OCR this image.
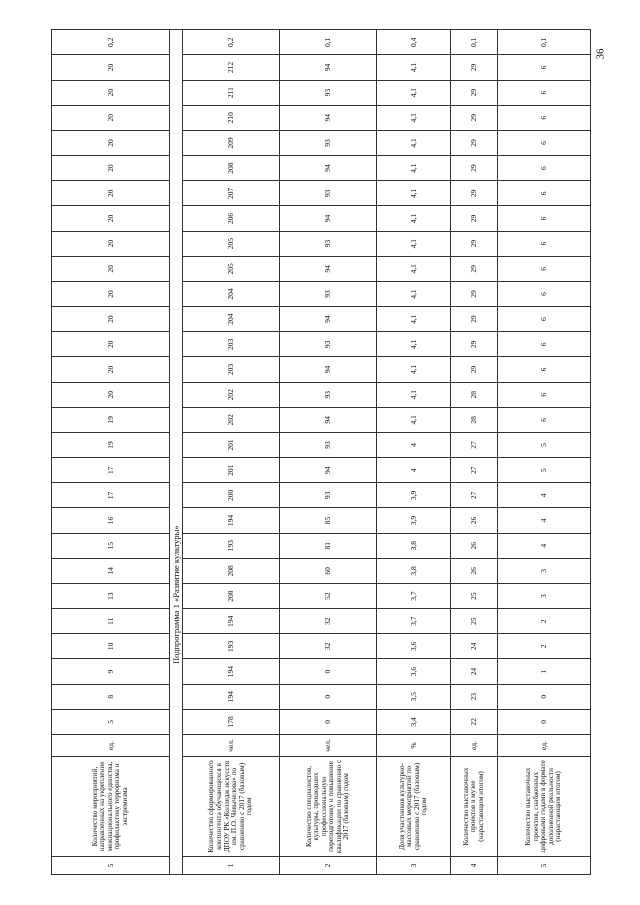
36
5	Количество мероприятий, направленных на укрепление межнационального единства, профилактику терроризма и экстремизма	ед.	5	8	9	10	11	13	14	15	16	17	17	19	19	20	20	20	20	20	20	20	20	20	20	20	20	20	20	0,2
Подпрограмма 1 «Развитие культуры»																														
1	Количество сформированного контингента обучающихся в ДПОУ РК «Колледж искусств им. П.О. Чевычелова» по сравнению с 2017 (базовым) годом	чел.	178	194	194	193	194	208	208	193	194	200	201	201	202	202	203	203	204	204	205	205	206	207	208	209	210	211	212	0,2
2	Количество специалистов, культуры, прошедших профессиональную переподготовку и повышение квалификации по сравнению с 2017 (базовым) годом	чел.	0	0	0	32	32	52	60	81	85	93	94	93	94	93	94	93	94	93	94	93	94	93	94	93	94	93	94	0,1
3	Доля участников культурно-массовых мероприятий по сравнению с 2017 (базовым) годом	%	3,4	3,5	3,6	3,6	3,7	3,7	3,8	3,8	3,9	3,9	4	4	4,1	4,1	4,1	4,1	4,1	4,1	4,1	4,1	4,1	4,1	4,1	4,1	4,1	4,1	4,1	0,4
4	Количество выставочных проектов в музее (нарастающим итогом)	ед.	22	23	24	24	25	25	26	26	26	27	27	27	28	28	29	29	29	29	29	29	29	29	29	29	29	29	29	0,1
5	Количество выставочных проектов, снабженных цифровыми гидами в формате дополненной реальности (нарастающим итогом)	ед.	0	0	1	2	2	3	3	4	4	4	5	5	6	6	6	6	6	6	6	6	6	6	6	6	6	6	6	0,1
